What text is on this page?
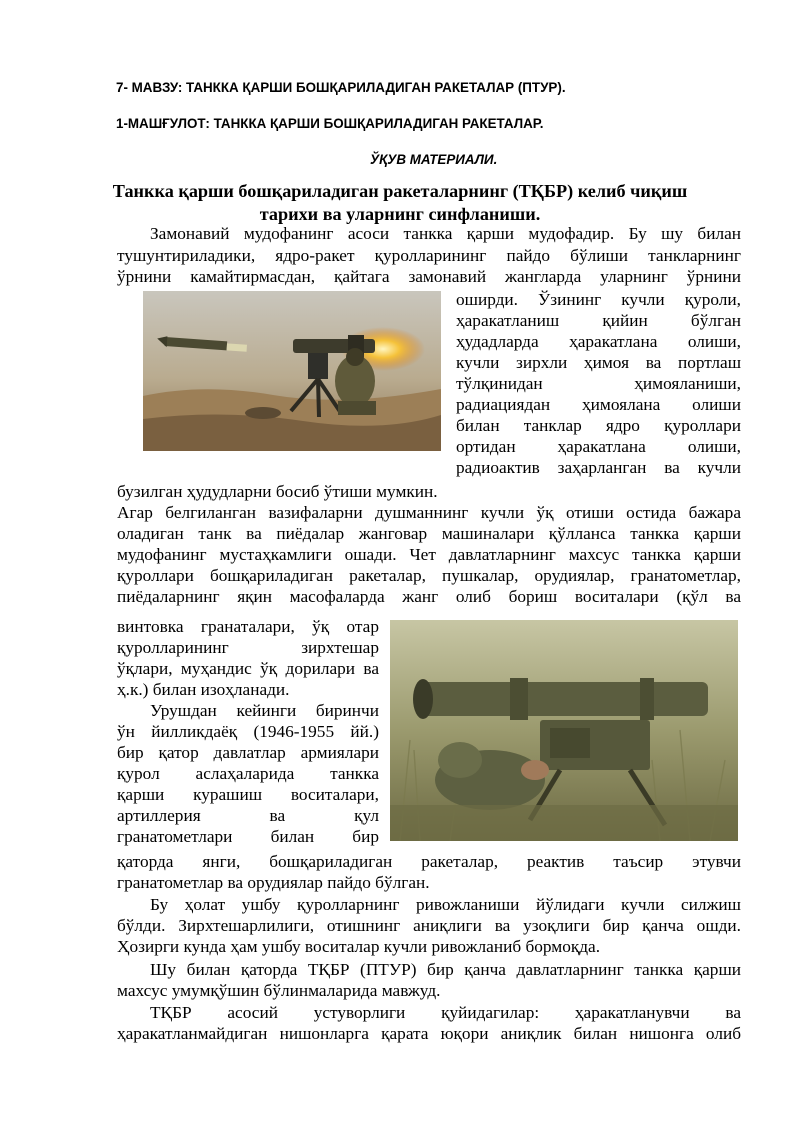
7- МАВЗУ: ТАНККА ҚАРШИ БОШҚАРИЛАДИГАН РАКЕТАЛАР (ПТУР).
1-МАШҒУЛОТ: ТАНККА ҚАРШИ БОШҚАРИЛАДИГАН РАКЕТАЛАР.
ЎҚУВ МАТЕРИАЛИ.
Танкка қарши бошқариладиган ракеталарнинг (ТҚБР) келиб чиқиш
тарихи ва уларнинг синфланиши.
Замонавий мудофанинг асоси танкка қарши мудофадир. Бу шу билан
тушунтириладики, ядро-ракет қуролларининг пайдо бўлиши танкларнинг
ўрнини камайтирмасдан, қайтага замонавий жангларда уларнинг ўрнини
оширди. Ўзининг кучли қуроли,
ҳаракатланиш қийин бўлган
ҳудадларда ҳаракатлана олиши,
кучли зирхли ҳимоя ва портлаш
тўлқинидан ҳимояланиши,
радиациядан ҳимоялана олиши
билан танклар ядро қуроллари
ортидан ҳаракатлана олиши,
радиоактив заҳарланган ва кучли
бузилган ҳудудларни босиб ўтиши мумкин.
Агар белгиланган вазифаларни душманнинг кучли ўқ отиши остида бажара
оладиган танк ва пиёдалар жанговар машиналари қўлланса танкка қарши
мудофанинг мустаҳкамлиги ошади. Чет давлатларнинг махсус танкка қарши
қуроллари бошқариладиган ракеталар, пушкалар, орудиялар, гранатометлар,
пиёдаларнинг яқин масофаларда жанг олиб бориш воситалари (қўл ва
винтовка гранаталари, ўқ отар
қуролларининг зирхтешар
ўқлари, муҳандис ўқ дорилари ва
ҳ.к.) билан изоҳланади.
Урушдан кейинги биринчи
ўн йилликдаёқ (1946-1955 йй.)
бир қатор давлатлар армиялари
қурол аслаҳаларида танкка
қарши курашиш воситалари,
артиллерия ва қул
гранатометлари билан бир
қаторда янги, бошқариладиган ракеталар, реактив таъсир этувчи
гранатометлар ва орудиялар пайдо бўлган.
Бу ҳолат ушбу қуролларнинг ривожланиши йўлидаги кучли силжиш
бўлди. Зирхтешарлилиги, отишнинг аниқлиги ва узоқлиги бир қанча ошди.
Ҳозирги кунда ҳам ушбу воситалар кучли ривожланиб бормоқда.
Шу билан қаторда ТҚБР (ПТУР) бир қанча давлатларнинг танкка қарши
махсус умумқўшин бўлинмаларида мавжуд.
ТҚБР асосий устуворлиги қуйидагилар: ҳаракатланувчи ва
ҳаракатланмайдиган нишонларга қарата юқори аниқлик билан нишонга олиб
